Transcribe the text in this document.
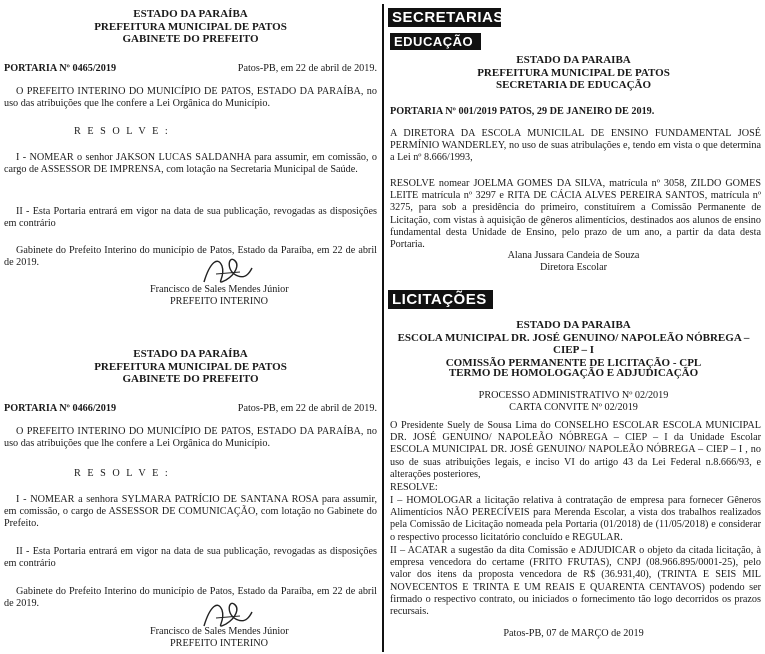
ESTADO DA PARAÍBA
PREFEITURA MUNICIPAL DE PATOS
GABINETE DO PREFEITO
PORTARIA Nº 0465/2019	Patos-PB, em 22 de abril de 2019.

O PREFEITO INTERINO DO MUNICÍPIO DE PATOS, ESTADO DA PARAÍBA, no uso das atribuições que lhe confere a Lei Orgânica do Município.

R E S O L V E :

I - NOMEAR o senhor JAKSON LUCAS SALDANHA para assumir, em comissão, o cargo de ASSESSOR DE IMPRENSA, com lotação na Secretaria Municipal de Saúde.

II - Esta Portaria entrará em vigor na data de sua publicação, revogadas as disposições em contrário

Gabinete do Prefeito Interino do município de Patos, Estado da Paraíba, em 22 de abril de 2019.

Francisco de Sales Mendes Júnior
PREFEITO INTERINO
ESTADO DA PARAÍBA
PREFEITURA MUNICIPAL DE PATOS
GABINETE DO PREFEITO
PORTARIA Nº 0466/2019	Patos-PB, em 22 de abril de 2019.

O PREFEITO INTERINO DO MUNICÍPIO DE PATOS, ESTADO DA PARAÍBA, no uso das atribuições que lhe confere a Lei Orgânica do Município.

R E S O L V E :

I - NOMEAR a senhora SYLMARA PATRÍCIO DE SANTANA ROSA para assumir, em comissão, o cargo de ASSESSOR DE COMUNICAÇÃO, com lotação no Gabinete do Prefeito.

II - Esta Portaria entrará em vigor na data de sua publicação, revogadas as disposições em contrário

Gabinete do Prefeito Interino do município de Patos, Estado da Paraíba, em 22 de abril de 2019.

Francisco de Sales Mendes Júnior
PREFEITO INTERINO
SECRETARIAS
EDUCAÇÃO
ESTADO DA PARAIBA
PREFEITURA MUNICIPAL DE PATOS
SECRETARIA DE EDUCAÇÃO
PORTARIA Nº 001/2019 PATOS, 29 DE JANEIRO DE 2019.

A DIRETORA DA ESCOLA MUNICILAL DE ENSINO FUNDAMENTAL JOSÉ PERMÍNIO WANDERLEY, no uso de suas atribulações e, tendo em vista o que determina a Lei nº 8.666/1993,

RESOLVE nomear JOELMA GOMES DA SILVA, matrícula nº 3058, ZILDO GOMES LEITE matrícula nº 3297 e RITA DE CÁCIA ALVES PEREIRA SANTOS, matrícula nº 3275, para sob a presidência do primeiro, constituírem a Comissão Permanente de Licitação, com vistas à aquisição de gêneros alimentícios, destinados aos alunos de ensino fundamental desta Unidade de Ensino, pelo prazo de um ano, a partir da data desta Portaria.

Alana Jussara Candeia de Souza
Diretora Escolar
LICITAÇÕES
ESTADO DA PARAIBA
ESCOLA MUNICIPAL DR. JOSÉ GENUINO/ NAPOLEÃO NÓBREGA – CIEP – I
COMISSÃO PERMANENTE DE LICITAÇÃO - CPL
TERMO DE HOMOLOGAÇÃO E ADJUDICAÇÃO
PROCESSO ADMINISTRATIVO Nº 02/2019
CARTA CONVITE Nº 02/2019

O Presidente Suely de Sousa Lima do CONSELHO ESCOLAR ESCOLA MUNICIPAL DR. JOSÉ GENUINO/ NAPOLEÃO NÓBREGA – CIEP – I da Unidade Escolar ESCOLA MUNICIPAL DR. JOSÉ GENUINO/ NAPOLEÃO NÓBREGA – CIEP – I , no uso de suas atribuições legais, e inciso VI do artigo 43 da Lei Federal n.8.666/93, e alterações posteriores,

RESOLVE:

I – HOMOLOGAR a licitação relativa à contratação de empresa para fornecer Gêneros Alimentícios NÃO PERECÍVEIS para Merenda Escolar, a vista dos trabalhos realizados pela Comissão de Licitação nomeada pela Portaria (01/2018) de (11/05/2018) e considerar o respectivo processo licitatório concluído e REGULAR.

II – ACATAR a sugestão da dita Comissão e ADJUDICAR o objeto da citada licitação, à empresa vencedora do certame (FRITO FRUTAS), CNPJ (08.966.895/0001-25), pelo valor dos itens da proposta vencedora de R$ (36.931,40), (TRINTA E SEIS MIL NOVECENTOS E TRINTA E UM REAIS E QUARENTA CENTAVOS) podendo ser firmado o respectivo contrato, ou iniciados o fornecimento tão logo decorridos os prazos recursais.

Patos-PB, 07 de MARÇO de 2019
